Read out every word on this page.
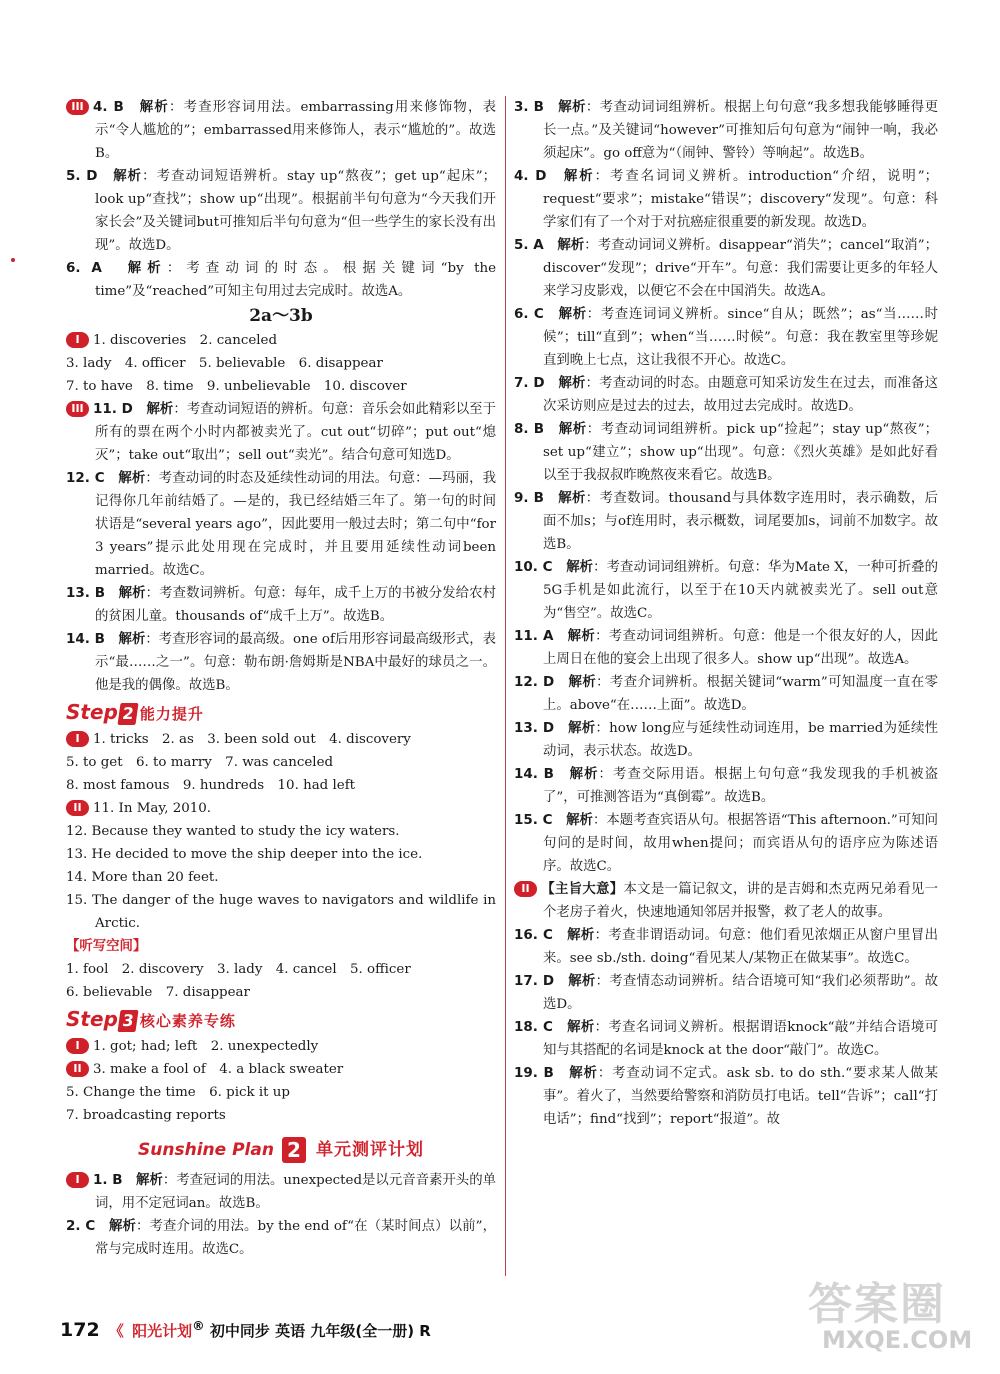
III 4. B　解析：考查形容词用法。embarrassing用来修饰物，表示“令人尴尬的”；embarrassed用来修饰人，表示“尴尬的”。故选B。
5. D　解析：考查动词短语辨析。stay up“熬夜”；get up“起床”；look up“查找”；show up“出现”。根据前半句句意为“今天我们开家长会”及关键词but可推知后半句句意为“但一些学生的家长没有出现”。故选D。
6. A　解析：考查动词的时态。根据关键词“by the time”及“reached”可知主句用过去完成时。故选A。
2a～3b
I 1. discoveries　2. canceled
3. lady　4. officer　5. believable　6. disappear
7. to have　8. time　9. unbelievable　10. discover
III 11. D　解析：考查动词短语的辨析。句意：音乐会如此精彩以至于所有的票在两个小时内都被卖光了。cut out“切碎”；put out“熄灭”；take out“取出”；sell out“卖光”。结合句意可知选D。
12. C　解析：考查动词的时态及延续性动词的用法。句意：—玛丽，我记得你几年前结婚了。—是的，我已经结婚三年了。第一句的时间状语是“several years ago”，因此要用一般过去时；第二句中“for 3 years”提示此处用现在完成时，并且要用延续性动词been married。故选C。
13. B　解析：考查数词辨析。句意：每年，成千上万的书被分发给农村的贫困儿童。thousands of“成千上万”。故选B。
14. B　解析：考查形容词的最高级。one of后用形容词最高级形式，表示“最……之一”。句意：勒布朗·詹姆斯是NBA中最好的球员之一。他是我的偶像。故选B。
Step 2 能力提升
I 1. tricks　2. as　3. been sold out　4. discovery
5. to get　6. to marry　7. was canceled
8. most famous　9. hundreds　10. had left
II 11. In May, 2010.
12. Because they wanted to study the icy waters.
13. He decided to move the ship deeper into the ice.
14. More than 20 feet.
15. The danger of the huge waves to navigators and wildlife in Arctic.
【听写空间】
1. fool　2. discovery　3. lady　4. cancel　5. officer
6. believable　7. disappear
Step 3 核心素养专练
I 1. got; had; left　2. unexpectedly
II 3. make a fool of　4. a black sweater
5. Change the time　6. pick it up
7. broadcasting reports
Sunshine Plan 2 单元测评计划
I 1. B　解析：考查冠词的用法。unexpected是以元音音素开头的单词，用不定冠词an。故选B。
2. C　解析：考查介词的用法。by the end of“在（某时间点）以前”，常与完成时连用。故选C。
3. B　解析：考查动词词组辨析。根据上句句意“我多想我能够睡得更长一点。”及关键词“however”可推知后句句意为“闹钟一响，我必须起床”。go off意为“（闹钟、警铃）等响起”。故选B。
4. D　解析：考查名词词义辨析。introduction“介绍，说明”；request“要求”；mistake“错误”；discovery“发现”。句意：科学家们有了一个对于对抗癌症很重要的新发现。故选D。
5. A　解析：考查动词词义辨析。disappear“消失”；cancel“取消”；discover“发现”；drive“开车”。句意：我们需要让更多的年轻人来学习皮影戏，以便它不会在中国消失。故选A。
6. C　解析：考查连词词义辨析。since“自从；既然”；as“当……时候”；till“直到”；when“当……时候”。句意：我在教室里等珍妮直到晚上七点，这让我很不开心。故选C。
7. D　解析：考查动词的时态。由题意可知采访发生在过去，而准备这次采访则应是过去的过去，故用过去完成时。故选D。
8. B　解析：考查动词词组辨析。pick up“捡起”；stay up“熬夜”；set up“建立”；show up“出现”。句意：《烈火英雄》是如此好看以至于我叔叔昨晚熬夜来看它。故选B。
9. B　解析：考查数词。thousand与具体数字连用时，表示确数，后面不加s；与of连用时，表示概数，词尾要加s，词前不加数字。故选B。
10. C　解析：考查动词词组辨析。句意：华为Mate X，一种可折叠的5G手机是如此流行，以至于在10天内就被卖光了。sell out意为“售空”。故选C。
11. A　解析：考查动词词组辨析。句意：他是一个很友好的人，因此上周日在他的宴会上出现了很多人。show up“出现”。故选A。
12. D　解析：考查介词辨析。根据关键词“warm”可知温度一直在零上。above“在……上面”。故选D。
13. D　解析：how long应与延续性动词连用，be married为延续性动词，表示状态。故选D。
14. B　解析：考查交际用语。根据上句句意“我发现我的手机被盗了”，可推测答语为“真倒霉”。故选B。
15. C　解析：本题考查宾语从句。根据答语“This afternoon.”可知问句问的是时间，故用when提问；而宾语从句的语序应为陈述语序。故选C。
II 【主旨大意】本文是一篇记叙文，讲的是吉姆和杰克两兄弟看见一个老房子着火，快速地通知邻居并报警，救了老人的故事。
16. C　解析：考查非谓语动词。句意：他们看见浓烟正从窗户里冒出来。see sb./sth. doing“看见某人/某物正在做某事”。故选C。
17. D　解析：考查情态动词辨析。结合语境可知“我们必须帮助”。故选D。
18. C　解析：考查名词词义辨析。根据谓语knock“敲”并结合语境可知与其搭配的名词是knock at the door“敲门”。故选C。
19. B　解析：考查动词不定式。ask sb. to do sth.“要求某人做某事”。着火了，当然要给警察和消防员打电话。tell“告诉”；call“打电话”；find“找到”；report“报道”。故
172 《 阳光计划® 初中同步 英语 九年级(全一册) R
答案圈
MXQE.COM
